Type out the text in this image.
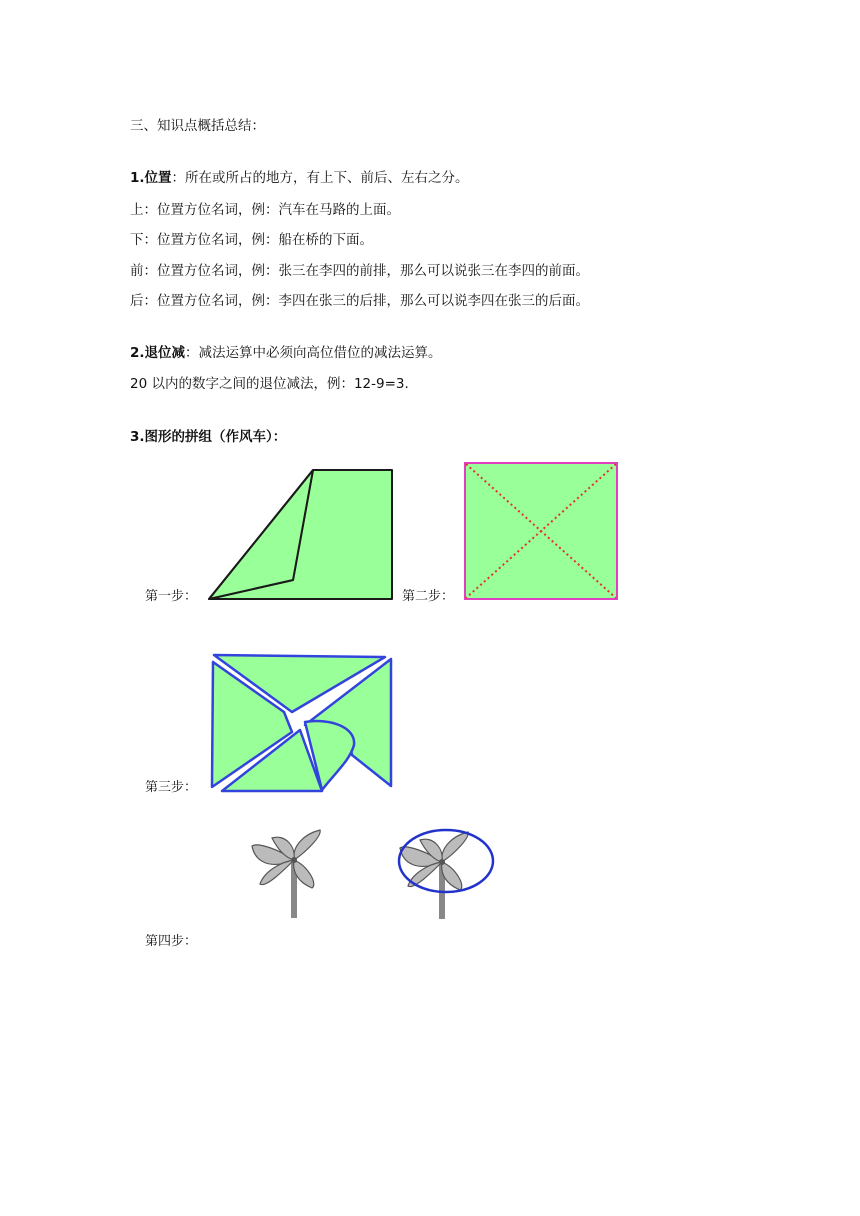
三、知识点概括总结：
1.位置：所在或所占的地方，有上下、前后、左右之分。
上：位置方位名词，例：汽车在马路的上面。
下：位置方位名词，例：船在桥的下面。
前：位置方位名词，例：张三在李四的前排，那么可以说张三在李四的前面。
后：位置方位名词，例：李四在张三的后排，那么可以说李四在张三的后面。
2.退位减：减法运算中必须向高位借位的减法运算。
20 以内的数字之间的退位减法，例：12-9=3.
3.图形的拼组（作风车）：
第一步：	第二步：
第三步：
第四步：
